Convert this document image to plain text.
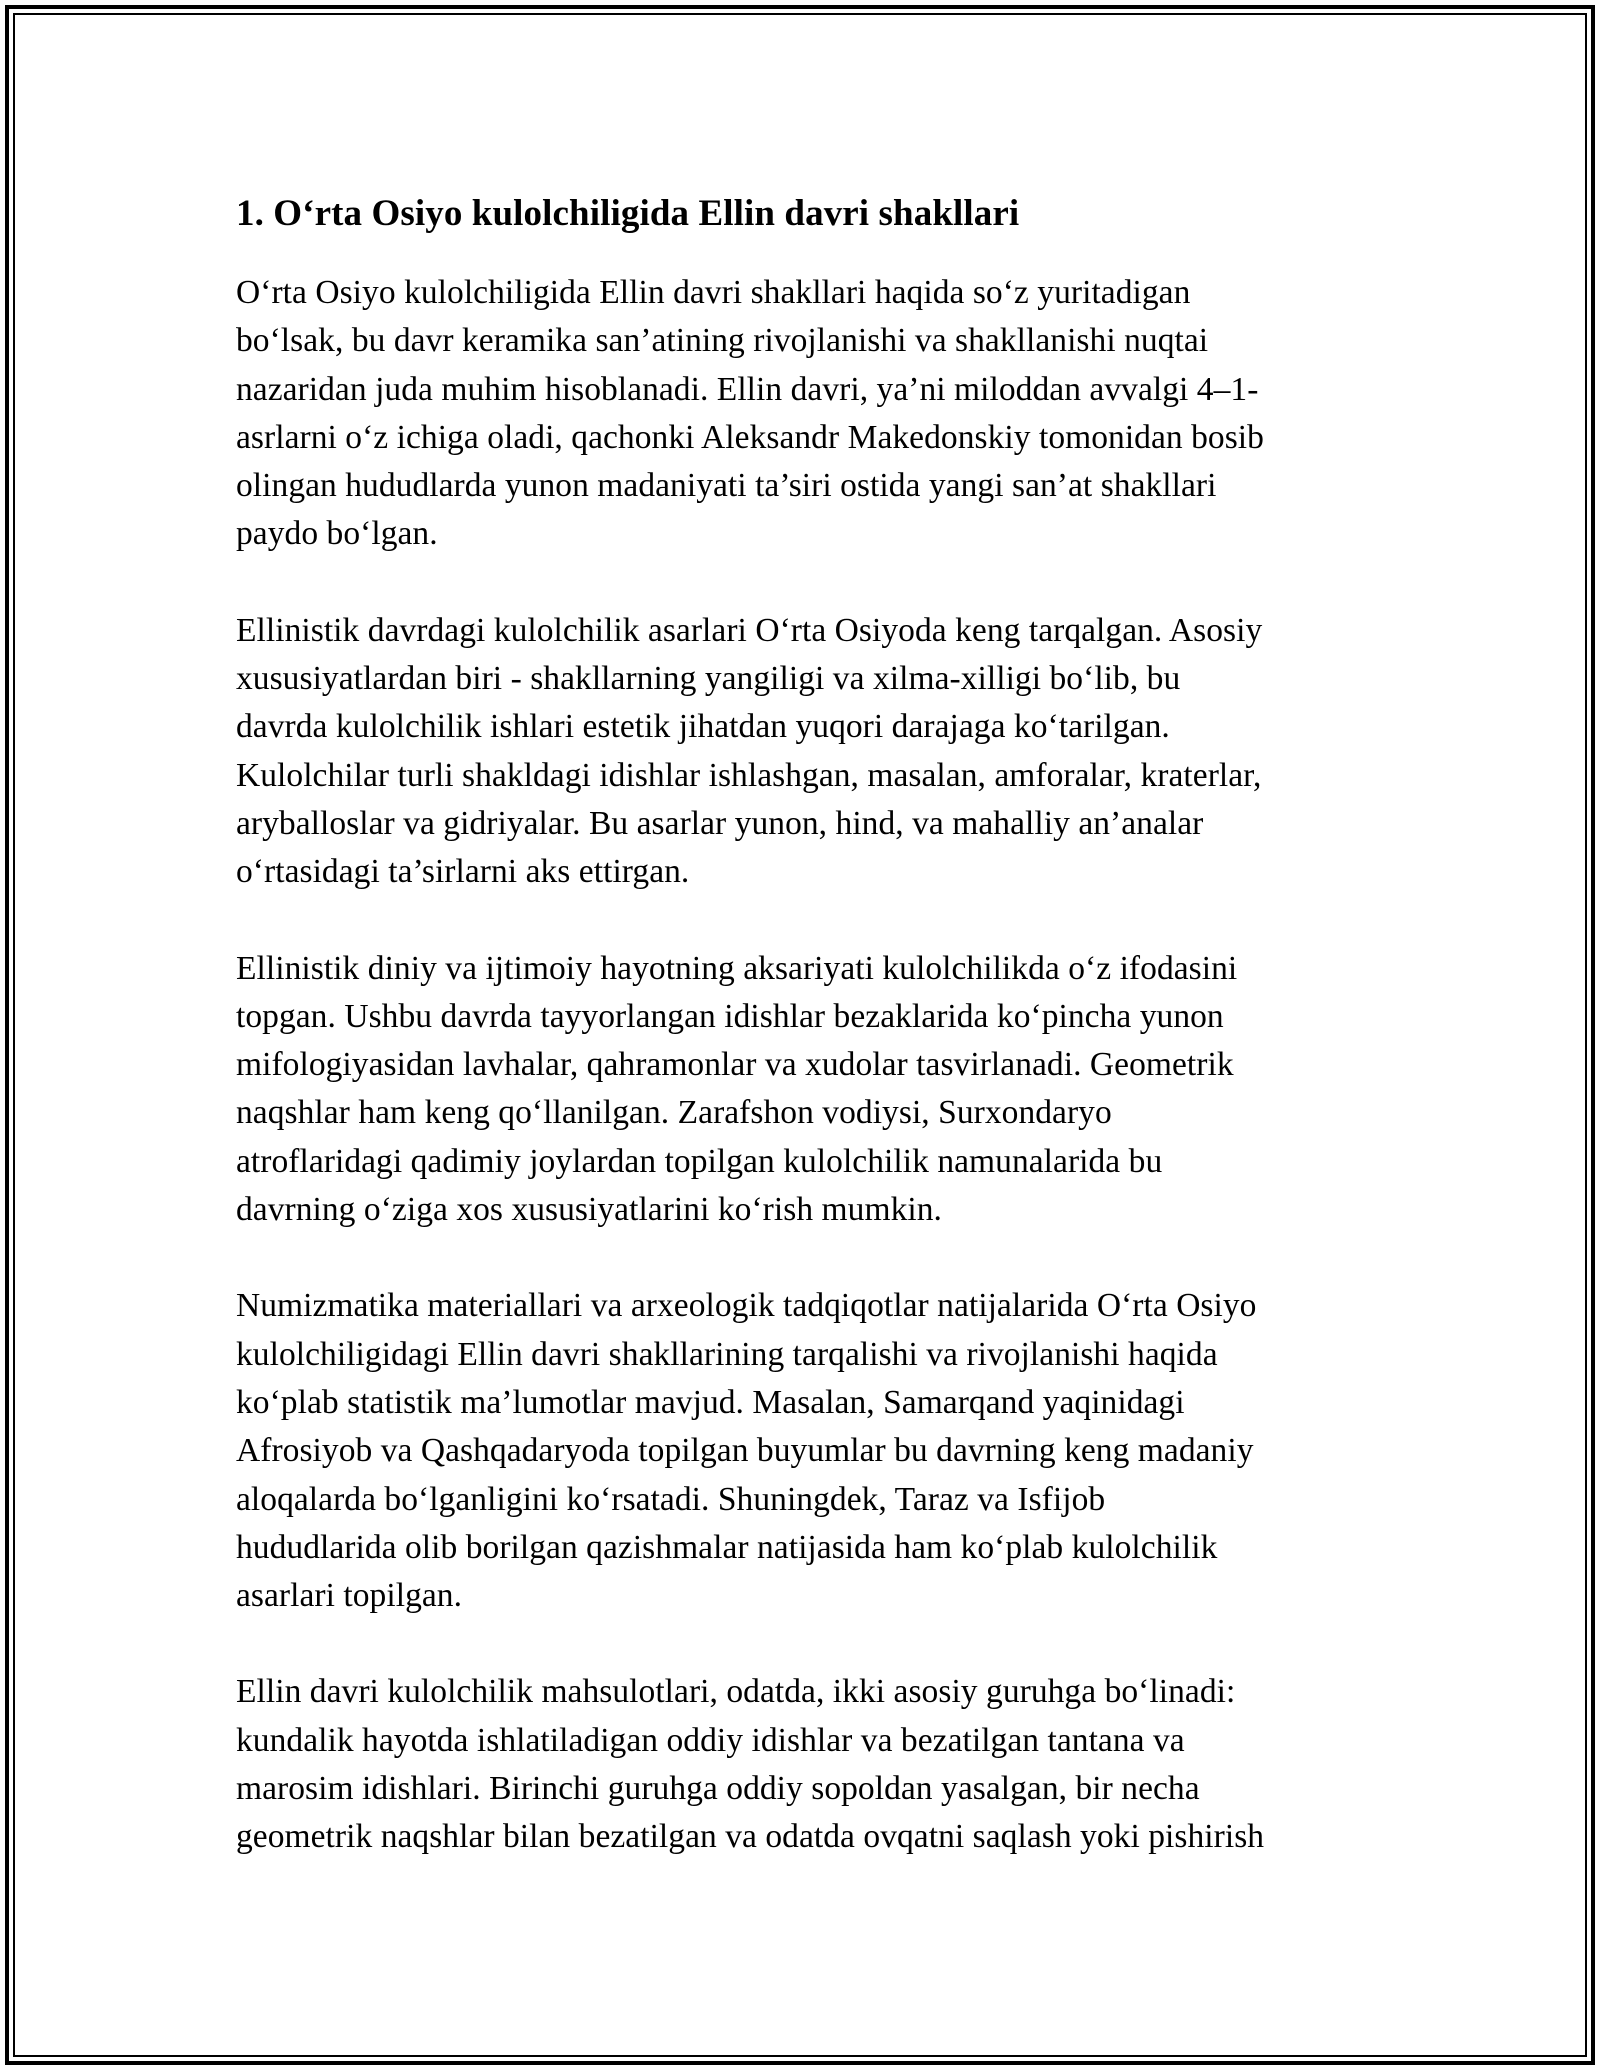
1. O‘rta Osiyo kulolchiligida Ellin davri shakllari

O‘rta Osiyo kulolchiligida Ellin davri shakllari haqida so‘z yuritadigan
bo‘lsak, bu davr keramika san’atining rivojlanishi va shakllanishi nuqtai
nazaridan juda muhim hisoblanadi. Ellin davri, ya’ni miloddan avvalgi 4–1-
asrlarni o‘z ichiga oladi, qachonki Aleksandr Makedonskiy tomonidan bosib
olingan hududlarda yunon madaniyati ta’siri ostida yangi san’at shakllari
paydo bo‘lgan.

Ellinistik davrdagi kulolchilik asarlari O‘rta Osiyoda keng tarqalgan. Asosiy
xususiyatlardan biri - shakllarning yangiligi va xilma-xilligi bo‘lib, bu
davrda kulolchilik ishlari estetik jihatdan yuqori darajaga ko‘tarilgan.
Kulolchilar turli shakldagi idishlar ishlashgan, masalan, amforalar, kraterlar,
aryballoslar va gidriyalar. Bu asarlar yunon, hind, va mahalliy an’analar
o‘rtasidagi ta’sirlarni aks ettirgan.

Ellinistik diniy va ijtimoiy hayotning aksariyati kulolchilikda o‘z ifodasini
topgan. Ushbu davrda tayyorlangan idishlar bezaklarida ko‘pincha yunon
mifologiyasidan lavhalar, qahramonlar va xudolar tasvirlanadi. Geometrik
naqshlar ham keng qo‘llanilgan. Zarafshon vodiysi, Surxondaryo
atroflaridagi qadimiy joylardan topilgan kulolchilik namunalarida bu
davrning o‘ziga xos xususiyatlarini ko‘rish mumkin.

Numizmatika materiallari va arxeologik tadqiqotlar natijalarida O‘rta Osiyo
kulolchiligidagi Ellin davri shakllarining tarqalishi va rivojlanishi haqida
ko‘plab statistik ma’lumotlar mavjud. Masalan, Samarqand yaqinidagi
Afrosiyob va Qashqadaryoda topilgan buyumlar bu davrning keng madaniy
aloqalarda bo‘lganligini ko‘rsatadi. Shuningdek, Taraz va Isfijob
hududlarida olib borilgan qazishmalar natijasida ham ko‘plab kulolchilik
asarlari topilgan.

Ellin davri kulolchilik mahsulotlari, odatda, ikki asosiy guruhga bo‘linadi:
kundalik hayotda ishlatiladigan oddiy idishlar va bezatilgan tantana va
marosim idishlari. Birinchi guruhga oddiy sopoldan yasalgan, bir necha
geometrik naqshlar bilan bezatilgan va odatda ovqatni saqlash yoki pishirish
